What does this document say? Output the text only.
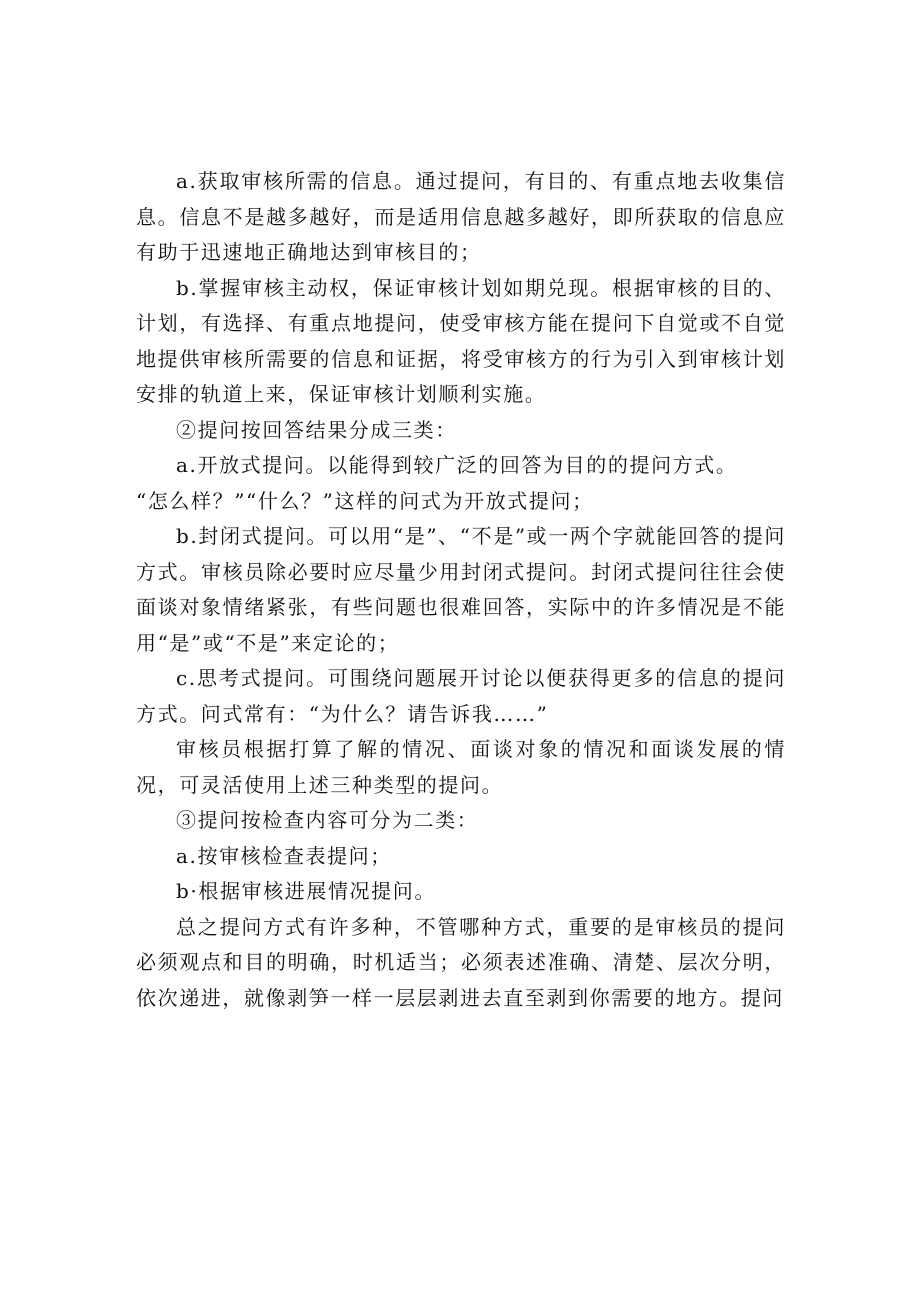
a.获取审核所需的信息。通过提问，有目的、有重点地去收集信息。信息不是越多越好，而是适用信息越多越好，即所获取的信息应有助于迅速地正确地达到审核目的；

b.掌握审核主动权，保证审核计划如期兑现。根据审核的目的、计划，有选择、有重点地提问，使受审核方能在提问下自觉或不自觉地提供审核所需要的信息和证据，将受审核方的行为引入到审核计划安排的轨道上来，保证审核计划顺利实施。

②提问按回答结果分成三类：

a.开放式提问。以能得到较广泛的回答为目的的提问方式。

“怎么样？”“什么？”这样的问式为开放式提问；

b.封闭式提问。可以用“是”、“不是”或一两个字就能回答的提问方式。审核员除必要时应尽量少用封闭式提问。封闭式提问往往会使面谈对象情绪紧张，有些问题也很难回答，实际中的许多情况是不能用“是”或“不是”来定论的；

c.思考式提问。可围绕问题展开讨论以便获得更多的信息的提问方式。问式常有：“为什么？请告诉我……”

审核员根据打算了解的情况、面谈对象的情况和面谈发展的情况，可灵活使用上述三种类型的提问。

③提问按检查内容可分为二类：

a.按审核检查表提问；

b·根据审核进展情况提问。

总之提问方式有许多种，不管哪种方式，重要的是审核员的提问必须观点和目的明确，时机适当；必须表述准确、清楚、层次分明，依次递进，就像剥笋一样一层层剥进去直至剥到你需要的地方。提问
